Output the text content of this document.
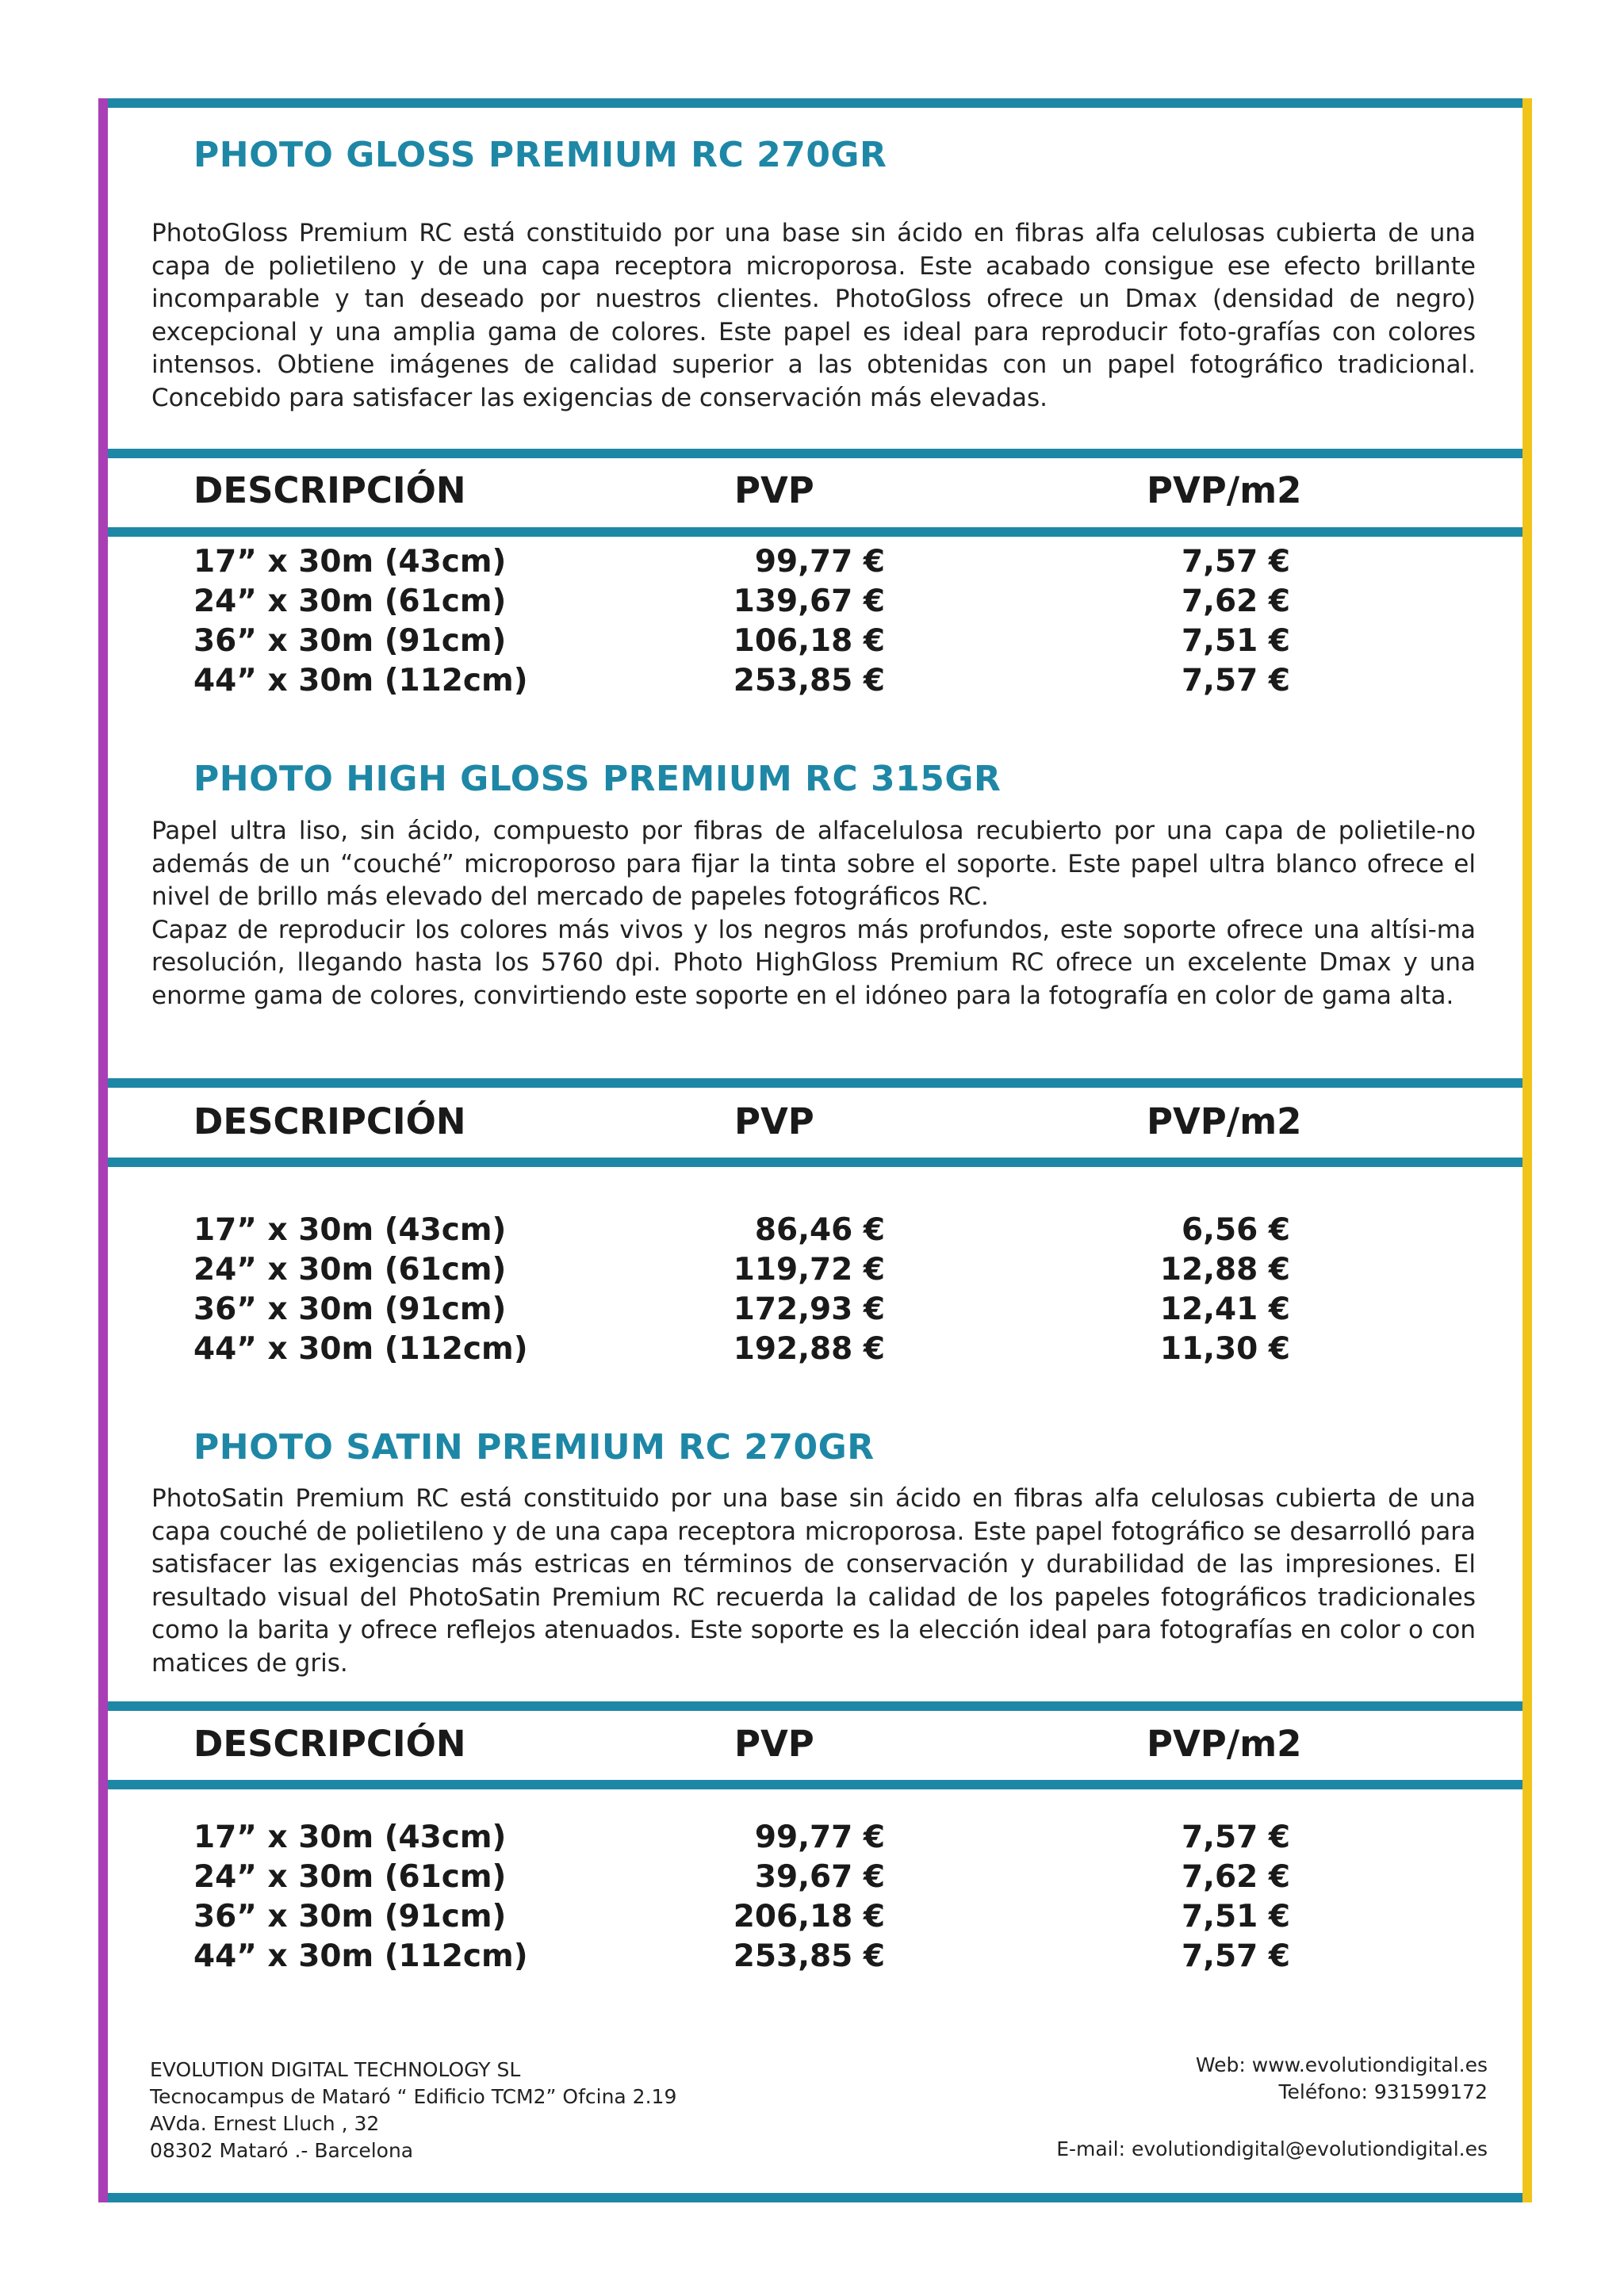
PHOTO GLOSS PREMIUM RC 270GR

PhotoGloss Premium RC está constituido por una base sin ácido en fibras alfa celulosas cubierta de una capa de polietileno y de una capa receptora microporosa. Este acabado consigue ese efecto brillante incomparable y tan deseado por nuestros clientes. PhotoGloss ofrece un Dmax (densidad de negro) excepcional y una amplia gama de colores. Este papel es ideal para reproducir foto-grafías con colores intensos. Obtiene imágenes de calidad superior a las obtenidas con un papel fotográfico tradicional. Concebido para satisfacer las exigencias de conservación más elevadas.

DESCRIPCIÓN	PVP	PVP/m2
17” x 30m (43cm)	99,77 €	7,57 €
24” x 30m (61cm)	139,67 €	7,62 €
36” x 30m (91cm)	106,18 €	7,51 €
44” x 30m (112cm)	253,85 €	7,57 €
PHOTO HIGH GLOSS PREMIUM RC 315GR

Papel ultra liso, sin ácido, compuesto por fibras de alfacelulosa recubierto por una capa de polietile-no además de un “couché” microporoso para fijar la tinta sobre el soporte. Este papel ultra blanco ofrece el nivel de brillo más elevado del mercado de papeles fotográficos RC.

Capaz de reproducir los colores más vivos y los negros más profundos, este soporte ofrece una altísi-ma resolución, llegando hasta los 5760 dpi. Photo HighGloss Premium RC ofrece un excelente Dmax y una enorme gama de colores, convirtiendo este soporte en el idóneo para la fotografía en color de gama alta.

DESCRIPCIÓN	PVP	PVP/m2
17” x 30m (43cm)	86,46 €	6,56 €
24” x 30m (61cm)	119,72 €	12,88 €
36” x 30m (91cm)	172,93 €	12,41 €
44” x 30m (112cm)	192,88 €	11,30 €
PHOTO SATIN PREMIUM RC 270GR

PhotoSatin Premium RC está constituido por una base sin ácido en fibras alfa celulosas cubierta de una capa couché de polietileno y de una capa receptora microporosa. Este papel fotográfico se desarrolló para satisfacer las exigencias más estricas en términos de conservación y durabilidad de las impresiones. El resultado visual del PhotoSatin Premium RC recuerda la calidad de los papeles fotográficos tradicionales como la barita y ofrece reflejos atenuados. Este soporte es la elección ideal para fotografías en color o con matices de gris.

DESCRIPCIÓN	PVP	PVP/m2
17” x 30m (43cm)	99,77 €	7,57 €
24” x 30m (61cm)	39,67 €	7,62 €
36” x 30m (91cm)	206,18 €	7,51 €
44” x 30m (112cm)	253,85 €	7,57 €
EVOLUTION DIGITAL TECHNOLOGY SL
Tecnocampus de Mataró “ Edificio TCM2” Ofcina 2.19
AVda. Ernest Lluch , 32
08302 Mataró .- Barcelona
Web: www.evolutiondigital.es
Teléfono: 931599172
E-mail: evolutiondigital@evolutiondigital.es
